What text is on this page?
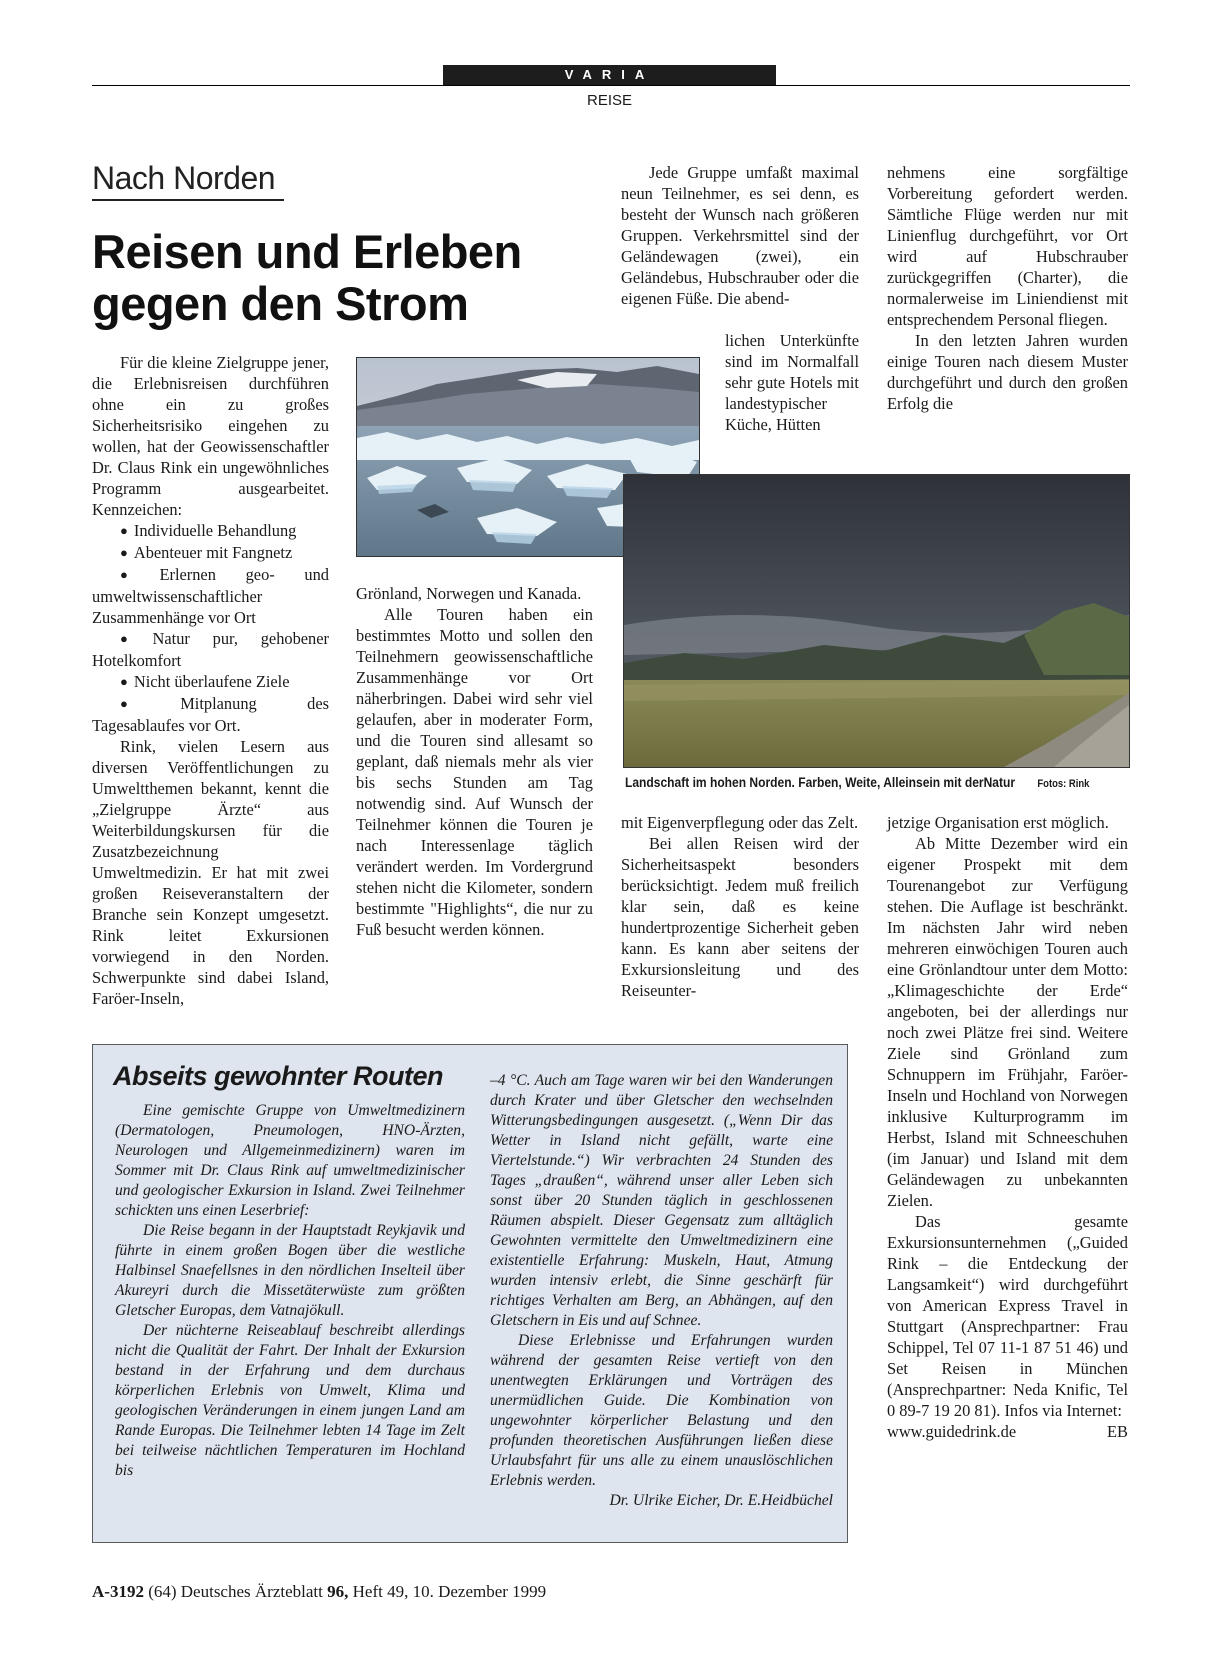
VARIA
REISE
Nach Norden
Reisen und Erleben
gegen den Strom

Für die kleine Zielgruppe jener, die Erlebnisreisen durchführen ohne ein zu großes Sicherheitsrisiko eingehen zu wollen, hat der Geowissenschaftler Dr. Claus Rink ein ungewöhnliches Programm ausgearbeitet. Kennzeichen:

● Individuelle Behandlung
● Abenteuer mit Fangnetz
● Erlernen geo- und umweltwissenschaftlicher Zusammenhänge vor Ort
● Natur pur, gehobener Hotelkomfort
● Nicht überlaufene Ziele
● Mitplanung des Tagesablaufes vor Ort.

Rink, vielen Lesern aus diversen Veröffentlichungen zu Umweltthemen bekannt, kennt die „Zielgruppe Ärzte“ aus Weiterbildungskursen für die Zusatzbezeichnung Umweltmedizin. Er hat mit zwei großen Reiseveranstaltern der Branche sein Konzept umgesetzt. Rink leitet Exkursionen vorwiegend in den Norden. Schwerpunkte sind dabei Island, Faröer-Inseln,

Grönland, Norwegen und Kanada.

Alle Touren haben ein bestimmtes Motto und sollen den Teilnehmern geowissenschaftliche Zusammenhänge vor Ort näherbringen. Dabei wird sehr viel gelaufen, aber in moderater Form, und die Touren sind allesamt so geplant, daß niemals mehr als vier bis sechs Stunden am Tag notwendig sind. Auf Wunsch der Teilnehmer können die Touren je nach Interessenlage täglich verändert werden. Im Vordergrund stehen nicht die Kilometer, sondern bestimmte "Highlights“, die nur zu Fuß besucht werden können.

Jede Gruppe umfaßt maximal neun Teilnehmer, es sei denn, es besteht der Wunsch nach größeren Gruppen. Verkehrsmittel sind der Geländewagen (zwei), ein Geländebus, Hubschrauber oder die eigenen Füße. Die abend-

lichen Unterkünfte sind im Normalfall sehr gute Hotels mit landestypischer Küche, Hütten

nehmens eine sorgfältige Vorbereitung gefordert werden. Sämtliche Flüge werden nur mit Linienflug durchgeführt, vor Ort wird auf Hubschrauber zurückgegriffen (Charter), die normalerweise im Liniendienst mit entsprechendem Personal fliegen.

In den letzten Jahren wurden einige Touren nach diesem Muster durchgeführt und durch den großen Erfolg die

Landschaft im hohen Norden. Farben, Weite, Alleinsein mit derNatur Fotos: Rink

mit Eigenverpflegung oder das Zelt.

Bei allen Reisen wird der Sicherheitsaspekt besonders berücksichtigt. Jedem muß freilich klar sein, daß es keine hundertprozentige Sicherheit geben kann. Es kann aber seitens der Exkursionsleitung und des Reiseunter-

jetzige Organisation erst möglich.

Ab Mitte Dezember wird ein eigener Prospekt mit dem Tourenangebot zur Verfügung stehen. Die Auflage ist beschränkt. Im nächsten Jahr wird neben mehreren einwöchigen Touren auch eine Grönlandtour unter dem Motto: „Klimageschichte der Erde“ angeboten, bei der allerdings nur noch zwei Plätze frei sind. Weitere Ziele sind Grönland zum Schnuppern im Frühjahr, Faröer-Inseln und Hochland von Norwegen inklusive Kulturprogramm im Herbst, Island mit Schneeschuhen (im Januar) und Island mit dem Geländewagen zu unbekannten Zielen.

Das gesamte Exkursionsunternehmen („Guided Rink – die Entdeckung der Langsamkeit“) wird durchgeführt von American Express Travel in Stuttgart (Ansprechpartner: Frau Schippel, Tel 07 11-1 87 51 46) und Set Reisen in München (Ansprechpartner: Neda Knific, Tel 0 89-7 19 20 81). Infos via Internet:

www.guidedrink.de	EB

Abseits gewohnter Routen

Eine gemischte Gruppe von Umweltmedizinern (Dermatologen, Pneumologen, HNO-Ärzten, Neurologen und Allgemeinmedizinern) waren im Sommer mit Dr. Claus Rink auf umweltmedizinischer und geologischer Exkursion in Island. Zwei Teilnehmer schickten uns einen Leserbrief:

Die Reise begann in der Hauptstadt Reykjavik und führte in einem großen Bogen über die westliche Halbinsel Snaefellsnes in den nördlichen Inselteil über Akureyri durch die Missetäterwüste zum größten Gletscher Europas, dem Vatnajökull.

Der nüchterne Reiseablauf beschreibt allerdings nicht die Qualität der Fahrt. Der Inhalt der Exkursion bestand in der Erfahrung und dem durchaus körperlichen Erlebnis von Umwelt, Klima und geologischen Veränderungen in einem jungen Land am Rande Europas. Die Teilnehmer lebten 14 Tage im Zelt bei teilweise nächtlichen Temperaturen im Hochland bis

–4 °C. Auch am Tage waren wir bei den Wanderungen durch Krater und über Gletscher den wechselnden Witterungsbedingungen ausgesetzt. („Wenn Dir das Wetter in Island nicht gefällt, warte eine Viertelstunde.“) Wir verbrachten 24 Stunden des Tages „draußen“, während unser aller Leben sich sonst über 20 Stunden täglich in geschlossenen Räumen abspielt. Dieser Gegensatz zum alltäglich Gewohnten vermittelte den Umweltmedizinern eine existentielle Erfahrung: Muskeln, Haut, Atmung wurden intensiv erlebt, die Sinne geschärft für richtiges Verhalten am Berg, an Abhängen, auf den Gletschern in Eis und auf Schnee.

Diese Erlebnisse und Erfahrungen wurden während der gesamten Reise vertieft von den unentwegten Erklärungen und Vorträgen des unermüdlichen Guide. Die Kombination von ungewohnter körperlicher Belastung und den profunden theoretischen Ausführungen ließen diese Urlaubsfahrt für uns alle zu einem unauslöschlichen Erlebnis werden.

Dr. Ulrike Eicher, Dr. E.Heidbüchel

A-3192 (64) Deutsches Ärzteblatt 96, Heft 49, 10. Dezember 1999
